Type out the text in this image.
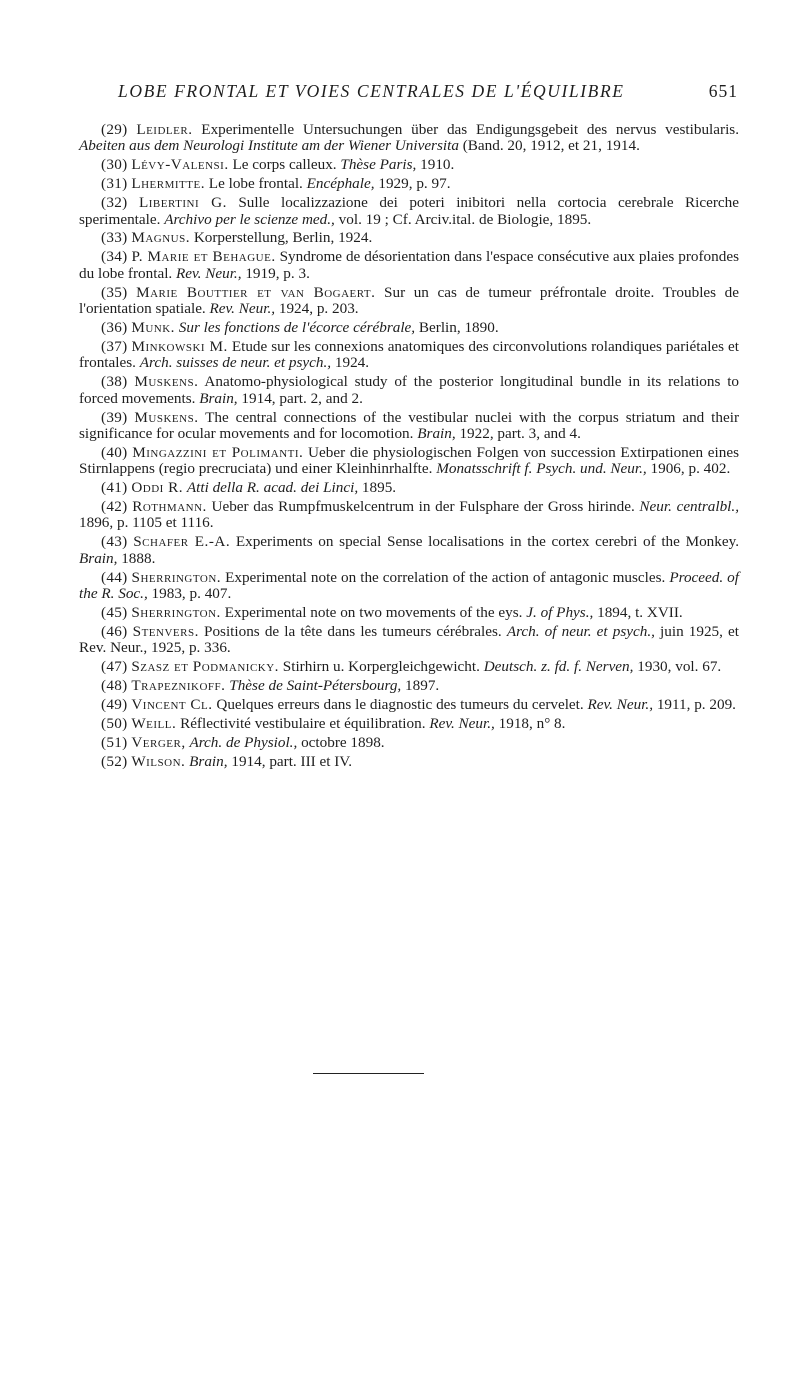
LOBE FRONTAL ET VOIES CENTRALES DE L'ÉQUILIBRE	651

(29) Leidler. Experimentelle Untersuchungen über das Endigungsgebeit des nervus vestibularis. Abeiten aus dem Neurologi Institute am der Wiener Universita (Band. 20, 1912, et 21, 1914.

(30) Lévy-Valensi. Le corps calleux. Thèse Paris, 1910.

(31) Lhermitte. Le lobe frontal. Encéphale, 1929, p. 97.

(32) Libertini G. Sulle localizzazione dei poteri inibitori nella cortocia cerebrale Ricerche sperimentale. Archivo per le scienze med., vol. 19 ; Cf. Arciv.ital. de Biologie, 1895.

(33) Magnus. Korperstellung, Berlin, 1924.

(34) P. Marie et Behague. Syndrome de désorientation dans l'espace consécutive aux plaies profondes du lobe frontal. Rev. Neur., 1919, p. 3.

(35) Marie Bouttier et van Bogaert. Sur un cas de tumeur préfrontale droite. Troubles de l'orientation spatiale. Rev. Neur., 1924, p. 203.

(36) Munk. Sur les fonctions de l'écorce cérébrale, Berlin, 1890.

(37) Minkowski M. Etude sur les connexions anatomiques des circonvolutions rolandiques pariétales et frontales. Arch. suisses de neur. et psych., 1924.

(38) Muskens. Anatomo-physiological study of the posterior longitudinal bundle in its relations to forced movements. Brain, 1914, part. 2, and 2.

(39) Muskens. The central connections of the vestibular nuclei with the corpus striatum and their significance for ocular movements and for locomotion. Brain, 1922, part. 3, and 4.

(40) Mingazzini et Polimanti. Ueber die physiologischen Folgen von succession Extirpationen eines Stirnlappens (regio precruciata) und einer Kleinhinrhalfte. Monatsschrift f. Psych. und. Neur., 1906, p. 402.

(41) Oddi R. Atti della R. acad. dei Linci, 1895.

(42) Rothmann. Ueber das Rumpfmuskelcentrum in der Fulsphare der Gross hirinde. Neur. centralbl., 1896, p. 1105 et 1116.

(43) Schafer E.-A. Experiments on special Sense localisations in the cortex cerebri of the Monkey. Brain, 1888.

(44) Sherrington. Experimental note on the correlation of the action of antagonic muscles. Proceed. of the R. Soc., 1983, p. 407.

(45) Sherrington. Experimental note on two movements of the eys. J. of Phys., 1894, t. XVII.

(46) Stenvers. Positions de la tête dans les tumeurs cérébrales. Arch. of neur. et psych., juin 1925, et Rev. Neur., 1925, p. 336.

(47) Szasz et Podmanicky. Stirhirn u. Korpergleichgewicht. Deutsch. z. fd. f. Nerven, 1930, vol. 67.

(48) Trapeznikoff. Thèse de Saint-Pétersbourg, 1897.

(49) Vincent Cl. Quelques erreurs dans le diagnostic des tumeurs du cervelet. Rev. Neur., 1911, p. 209.

(50) Weill. Réflectivité vestibulaire et équilibration. Rev. Neur., 1918, n° 8.

(51) Verger, Arch. de Physiol., octobre 1898.

(52) Wilson. Brain, 1914, part. III et IV.
